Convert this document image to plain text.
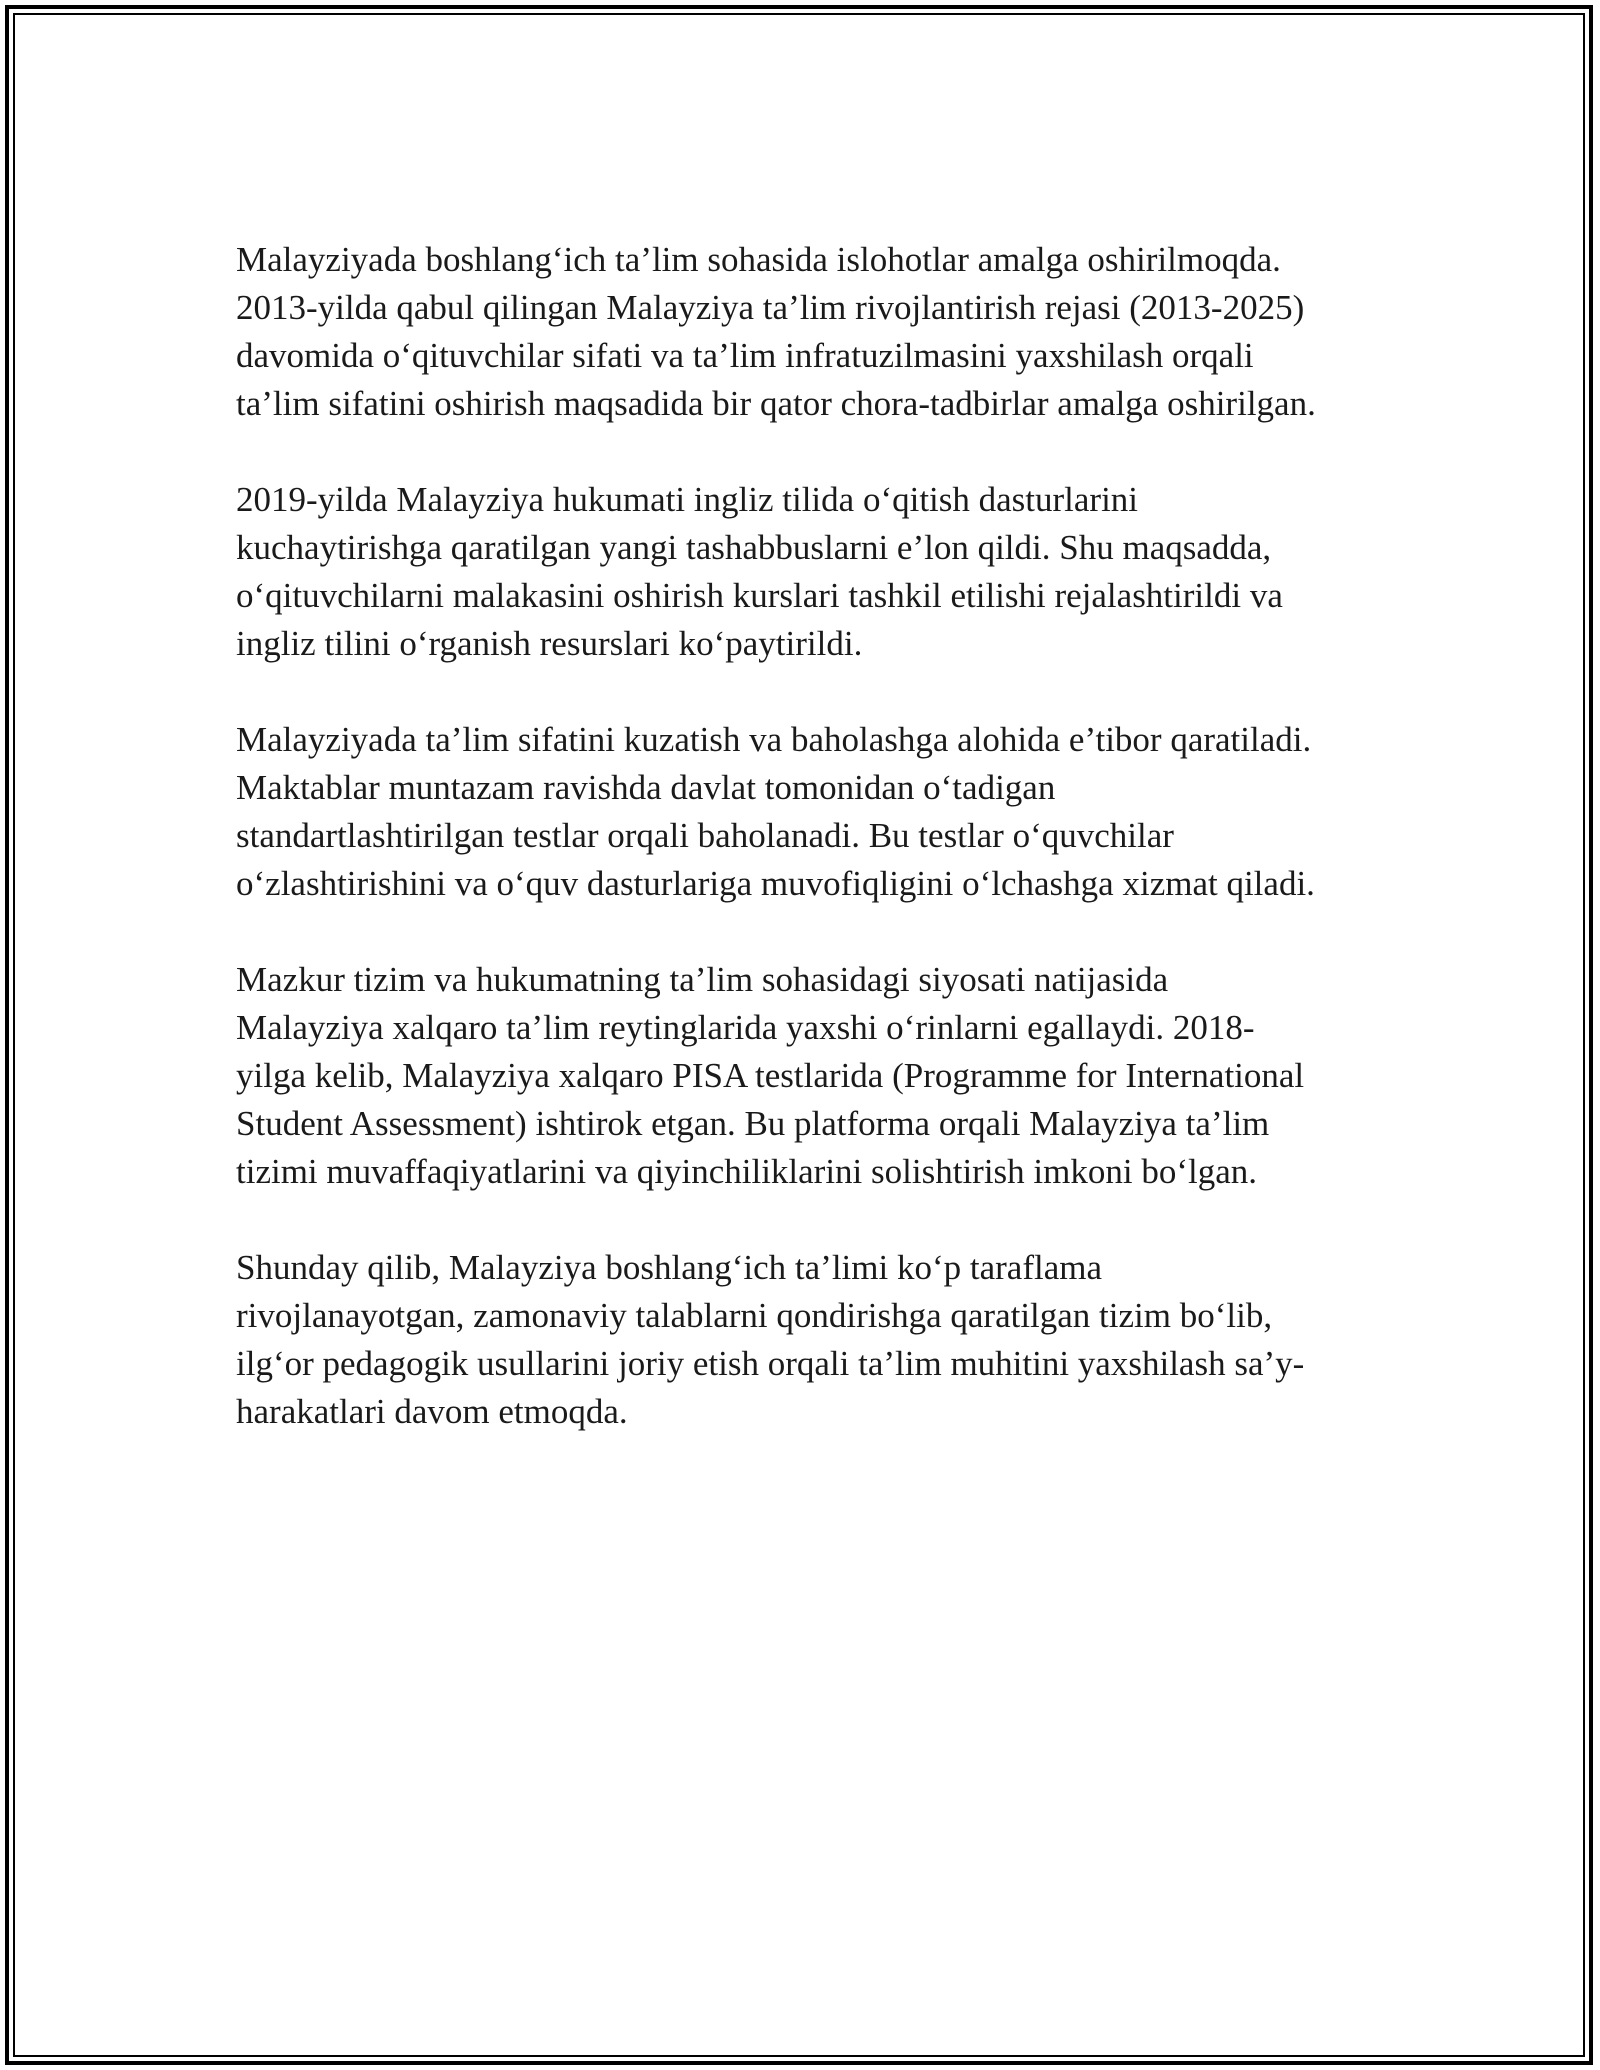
Malayziyada boshlang‘ich ta’lim sohasida islohotlar amalga oshirilmoqda.
2013-yilda qabul qilingan Malayziya ta’lim rivojlantirish rejasi (2013-2025)
davomida o‘qituvchilar sifati va ta’lim infratuzilmasini yaxshilash orqali
ta’lim sifatini oshirish maqsadida bir qator chora-tadbirlar amalga oshirilgan.

2019-yilda Malayziya hukumati ingliz tilida o‘qitish dasturlarini
kuchaytirishga qaratilgan yangi tashabbuslarni e’lon qildi. Shu maqsadda,
o‘qituvchilarni malakasini oshirish kurslari tashkil etilishi rejalashtirildi va
ingliz tilini o‘rganish resurslari ko‘paytirildi.

Malayziyada ta’lim sifatini kuzatish va baholashga alohida e’tibor qaratiladi.
Maktablar muntazam ravishda davlat tomonidan o‘tadigan
standartlashtirilgan testlar orqali baholanadi. Bu testlar o‘quvchilar
o‘zlashtirishini va o‘quv dasturlariga muvofiqligini o‘lchashga xizmat qiladi.

Mazkur tizim va hukumatning ta’lim sohasidagi siyosati natijasida
Malayziya xalqaro ta’lim reytinglarida yaxshi o‘rinlarni egallaydi. 2018-
yilga kelib, Malayziya xalqaro PISA testlarida (Programme for International
Student Assessment) ishtirok etgan. Bu platforma orqali Malayziya ta’lim
tizimi muvaffaqiyatlarini va qiyinchiliklarini solishtirish imkoni bo‘lgan.

Shunday qilib, Malayziya boshlang‘ich ta’limi ko‘p taraflama
rivojlanayotgan, zamonaviy talablarni qondirishga qaratilgan tizim bo‘lib,
ilg‘or pedagogik usullarini joriy etish orqali ta’lim muhitini yaxshilash sa’y-
harakatlari davom etmoqda.
